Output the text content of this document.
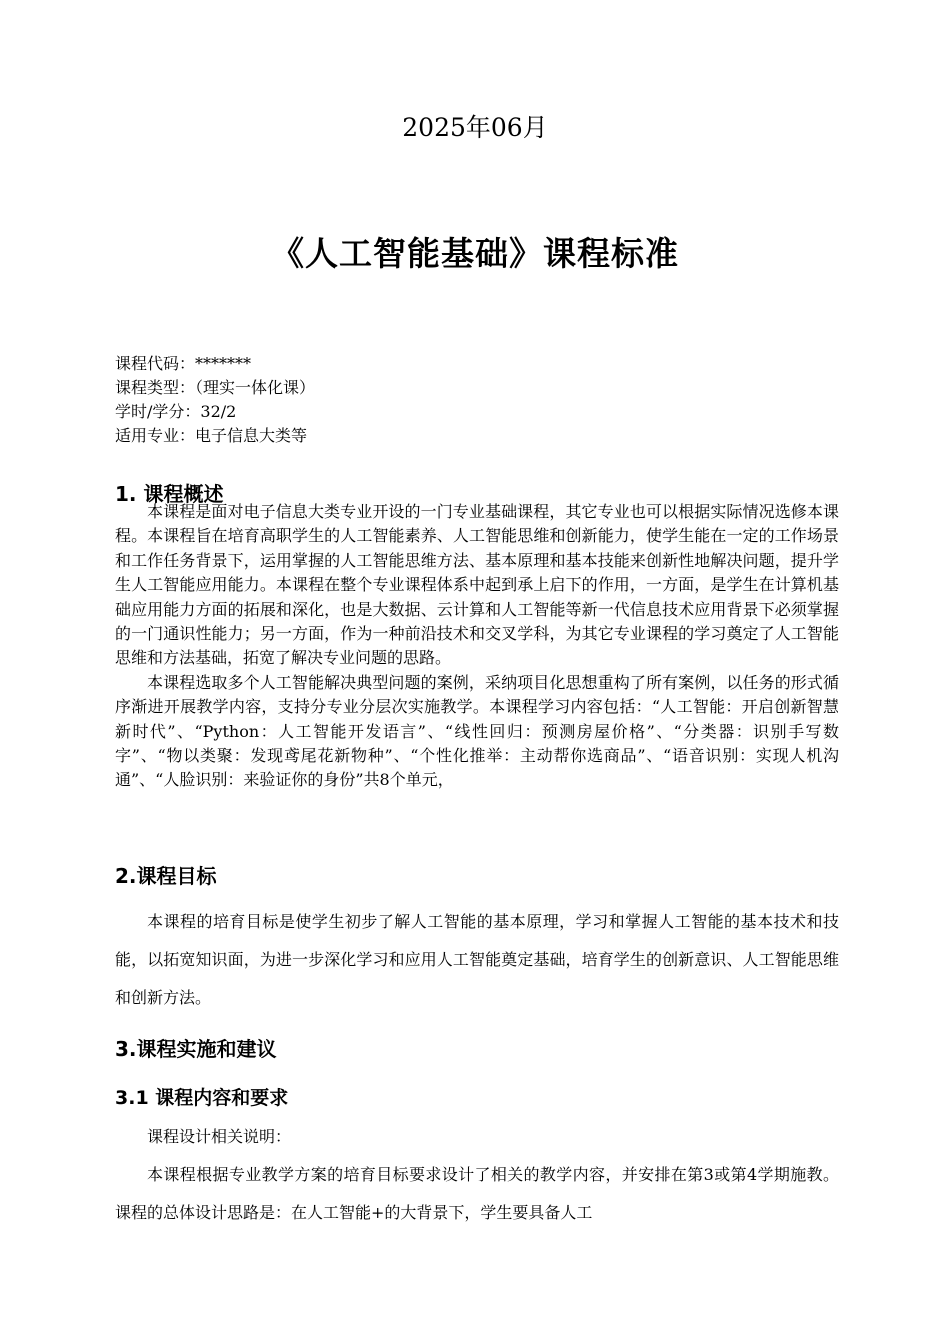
2025年06月
《人工智能基础》课程标准
课程代码：*******
课程类型：（理实一体化课）
学时/学分：32/2
适用专业：电子信息大类等
1. 课程概述

本课程是面对电子信息大类专业开设的一门专业基础课程，其它专业也可以根据实际情况选修本课程。本课程旨在培育高职学生的人工智能素养、人工智能思维和创新能力，使学生能在一定的工作场景和工作任务背景下，运用掌握的人工智能思维方法、基本原理和基本技能来创新性地解决问题，提升学生人工智能应用能力。本课程在整个专业课程体系中起到承上启下的作用，一方面，是学生在计算机基础应用能力方面的拓展和深化，也是大数据、云计算和人工智能等新一代信息技术应用背景下必须掌握的一门通识性能力；另一方面，作为一种前沿技术和交叉学科，为其它专业课程的学习奠定了人工智能思维和方法基础，拓宽了解决专业问题的思路。

本课程选取多个人工智能解决典型问题的案例，采纳项目化思想重构了所有案例，以任务的形式循序渐进开展教学内容，支持分专业分层次实施教学。本课程学习内容包括：“人工智能：开启创新智慧新时代”、“Python：人工智能开发语言”、“线性回归：预测房屋价格”、“分类器：识别手写数字”、“物以类聚：发现鸢尾花新物种”、“个性化推举：主动帮你选商品”、“语音识别：实现人机沟通”、“人脸识别：来验证你的身份”共8个单元，

2.课程目标

本课程的培育目标是使学生初步了解人工智能的基本原理，学习和掌握人工智能的基本技术和技能，以拓宽知识面，为进一步深化学习和应用人工智能奠定基础，培育学生的创新意识、人工智能思维和创新方法。

3.课程实施和建议
3.1 课程内容和要求

课程设计相关说明：

本课程根据专业教学方案的培育目标要求设计了相关的教学内容，并安排在第3或第4学期施教。课程的总体设计思路是：在人工智能+的大背景下，学生要具备人工
